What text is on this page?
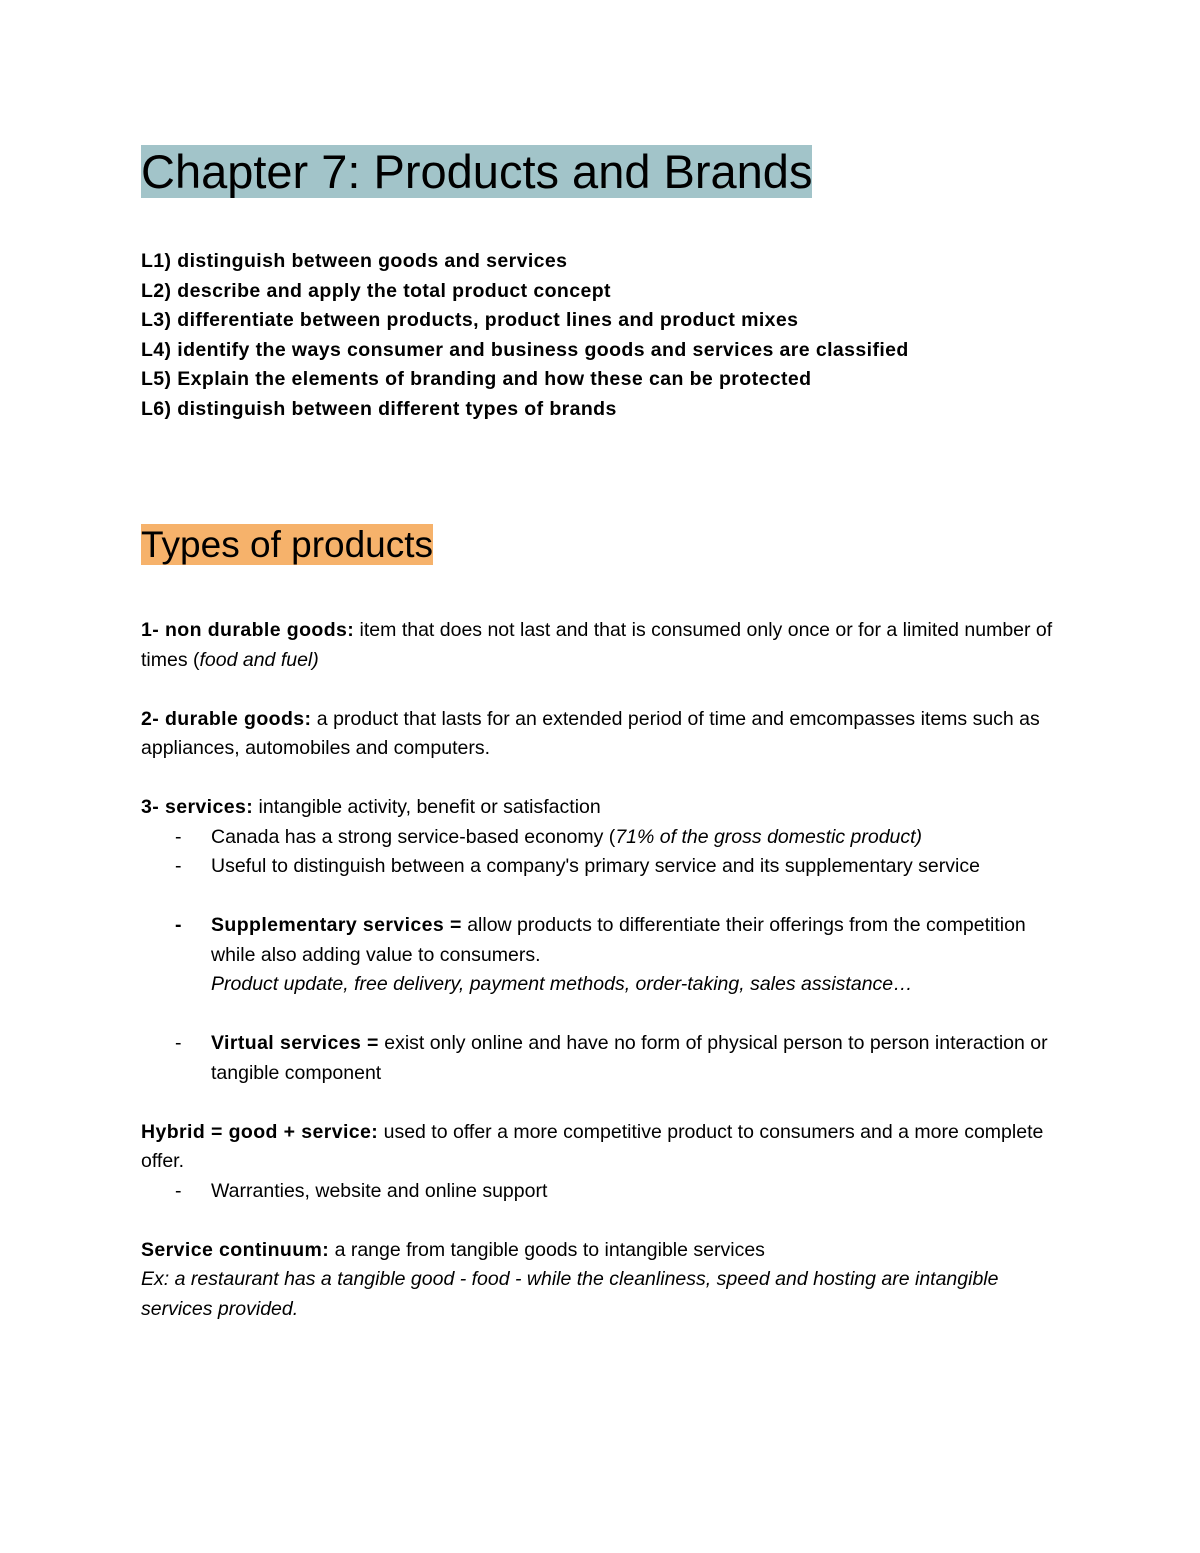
Chapter 7: Products and Brands
L1) distinguish between goods and services
L2) describe and apply the total product concept
L3) differentiate between products, product lines and product mixes
L4) identify the ways consumer and business goods and services are classified
L5) Explain the elements of branding and how these can be protected
L6) distinguish between different types of brands
Types of products

1- non durable goods: item that does not last and that is consumed only once or for a limited number of times (food and fuel)

2- durable goods: a product that lasts for an extended period of time and emcompasses items such as appliances, automobiles and computers.

3- services: intangible activity, benefit or satisfaction

- Canada has a strong service-based economy (71% of the gross domestic product)
- Useful to distinguish between a company's primary service and its supplementary service
- Supplementary services = allow products to differentiate their offerings from the competition while also adding value to consumers.
Product update, free delivery, payment methods, order-taking, sales assistance…
- Virtual services = exist only online and have no form of physical person to person interaction or tangible component

Hybrid = good + service: used to offer a more competitive product to consumers and a more complete offer.

- Warranties, website and online support

Service continuum: a range from tangible goods to intangible services

Ex: a restaurant has a tangible good - food - while the cleanliness, speed and hosting are intangible services provided.
